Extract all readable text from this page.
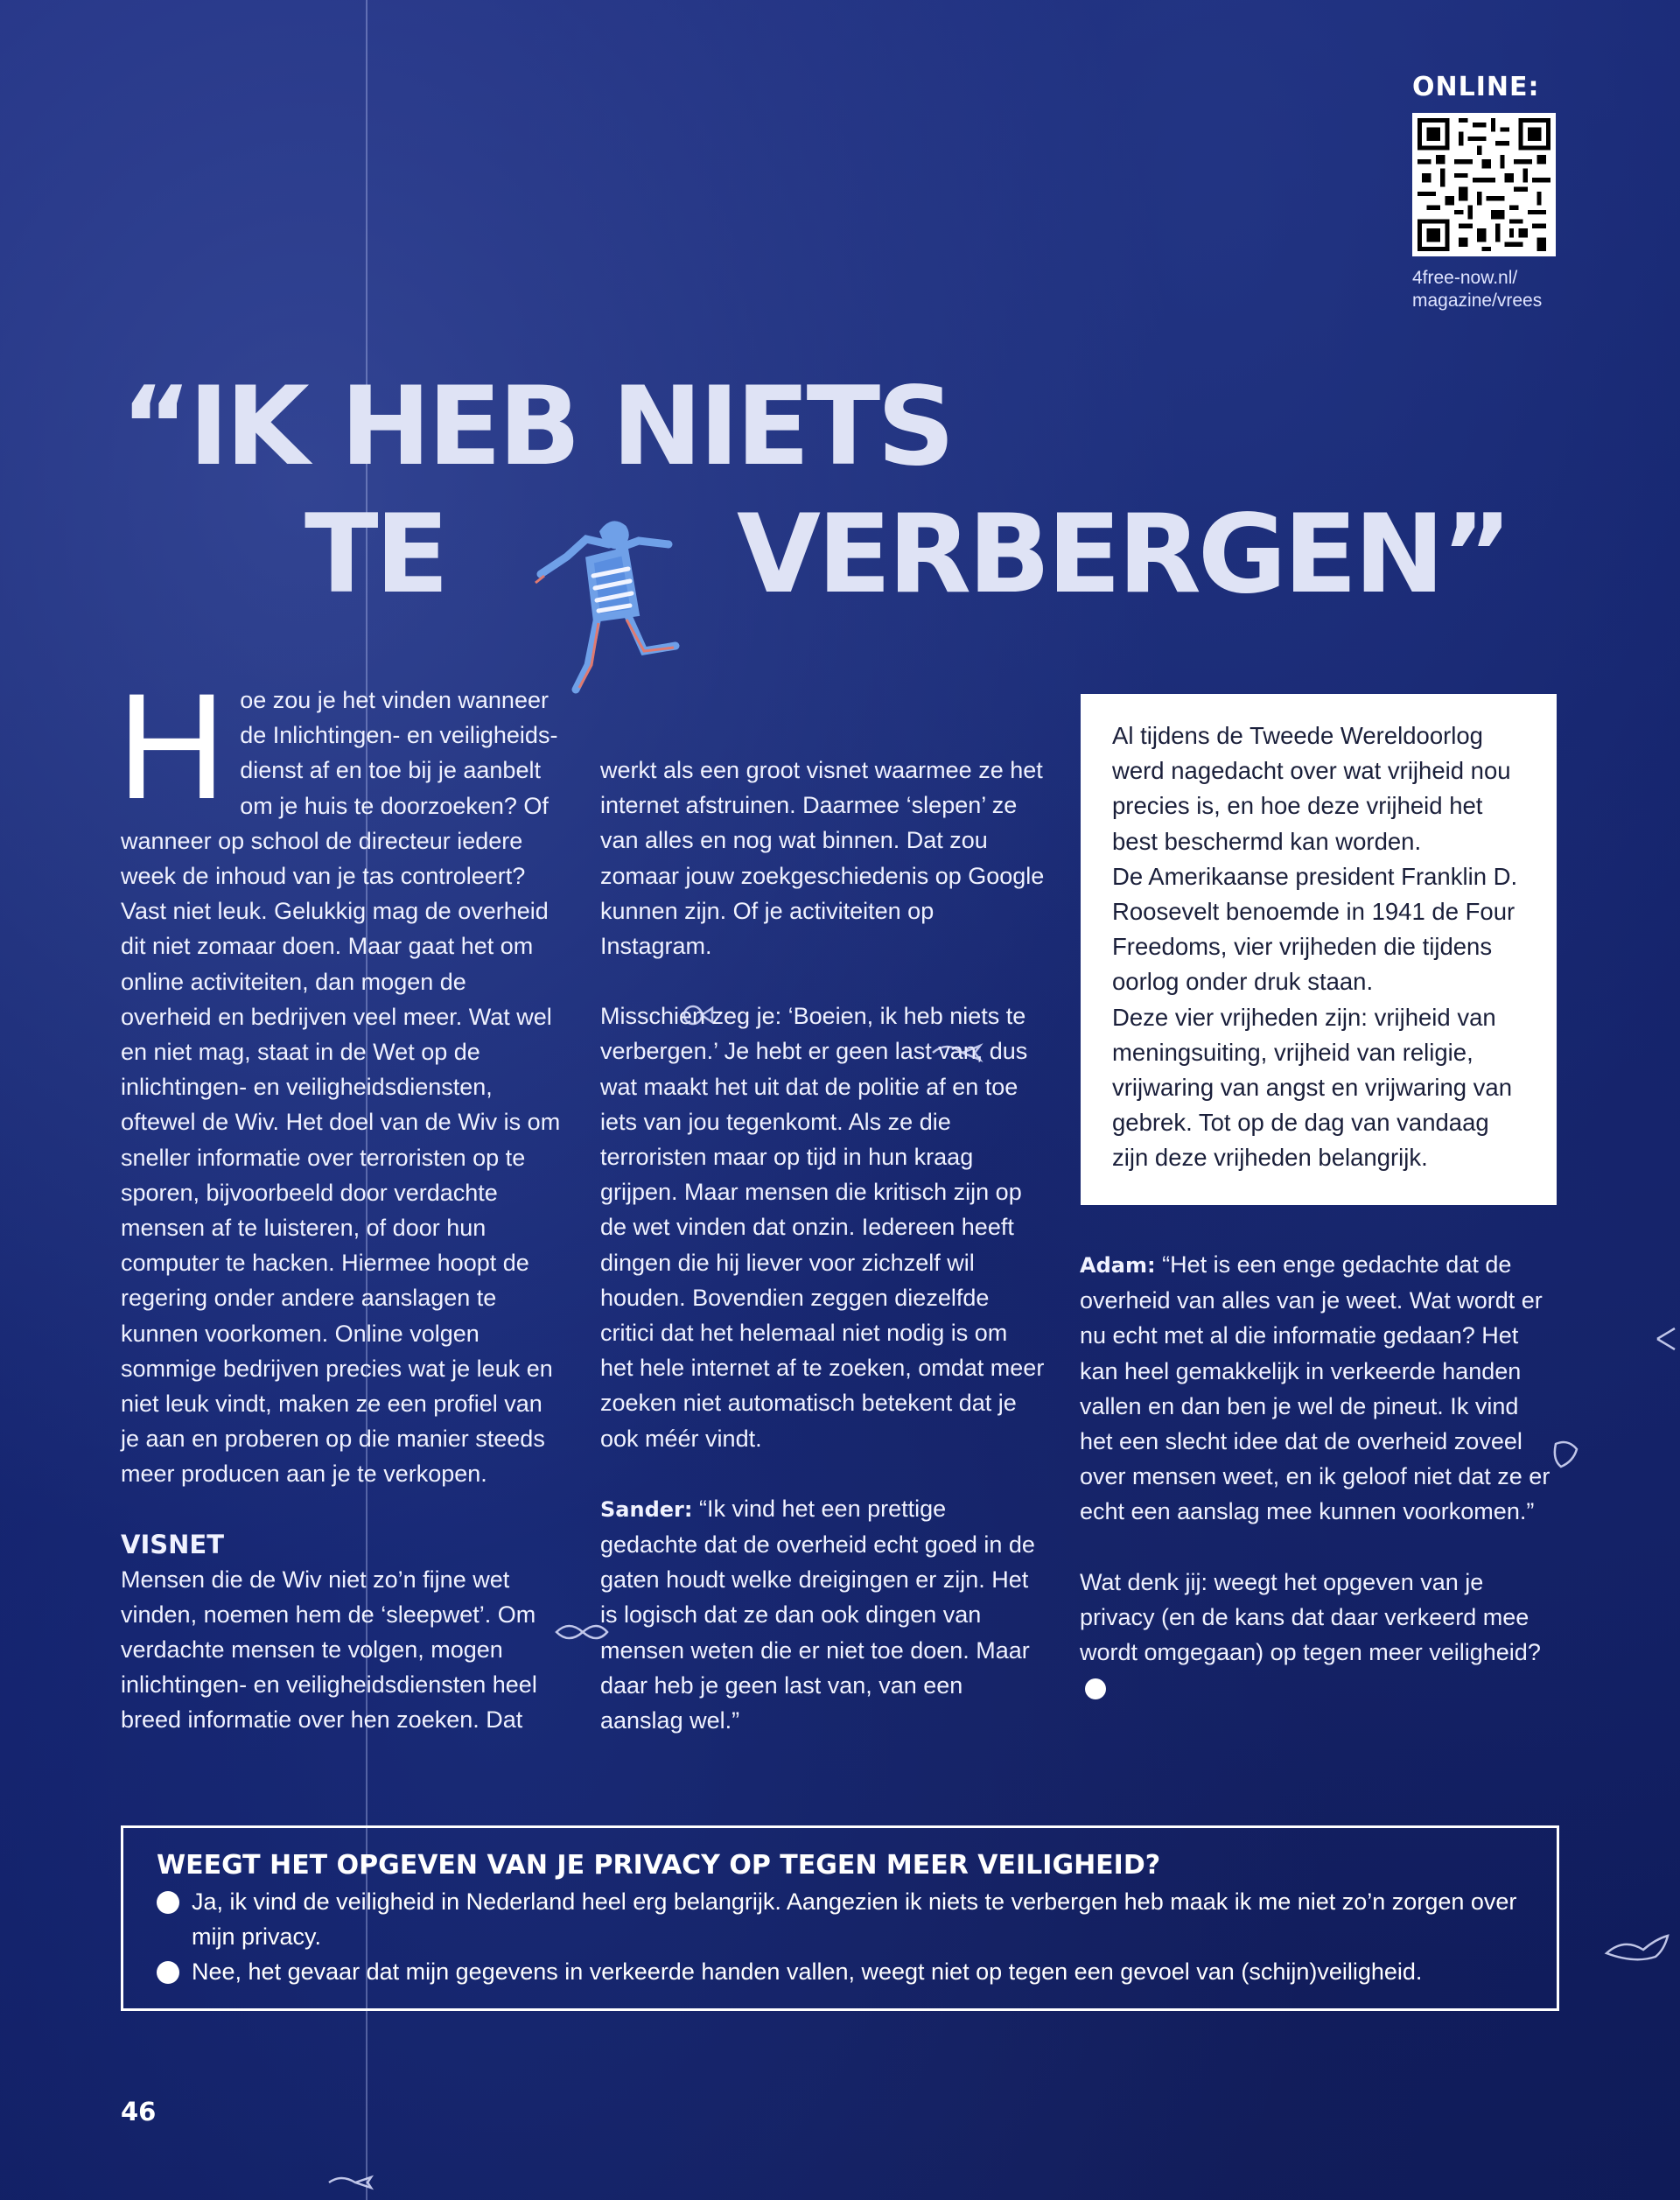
ONLINE:
4free-now.nl/
magazine/vrees
“IK HEB NIETS
TE	VERBERGEN”

Hoe zou je het vinden wanneer de Inlichtingen- en veiligheids-dienst af en toe bij je aanbelt om je huis te doorzoeken? Of wanneer op school de directeur iedere week de inhoud van je tas controleert? Vast niet leuk. Gelukkig mag de overheid dit niet zomaar doen. Maar gaat het om online activiteiten, dan mogen de overheid en bedrijven veel meer. Wat wel en niet mag, staat in de Wet op de inlichtingen- en veiligheidsdiensten, oftewel de Wiv. Het doel van de Wiv is om sneller informatie over terroristen op te sporen, bijvoorbeeld door verdachte mensen af te luisteren, of door hun computer te hacken. Hiermee hoopt de regering onder andere aanslagen te kunnen voorkomen. Online volgen sommige bedrijven precies wat je leuk en niet leuk vindt, maken ze een profiel van je aan en proberen op die manier steeds meer producen aan je te verkopen.

VISNET

Mensen die de Wiv niet zo’n fijne wet vinden, noemen hem de ‘sleepwet’. Om verdachte mensen te volgen, mogen inlichtingen- en veiligheidsdiensten heel breed informatie over hen zoeken. Dat

werkt als een groot visnet waarmee ze het internet afstruinen. Daarmee ‘slepen’ ze van alles en nog wat binnen. Dat zou zomaar jouw zoekgeschiedenis op Google kunnen zijn. Of je activiteiten op Instagram.

Misschien zeg je: ‘Boeien, ik heb niets te verbergen.’ Je hebt er geen last van, dus wat maakt het uit dat de politie af en toe iets van jou tegenkomt. Als ze die terroristen maar op tijd in hun kraag grijpen. Maar mensen die kritisch zijn op de wet vinden dat onzin. Iedereen heeft dingen die hij liever voor zichzelf wil houden. Bovendien zeggen diezelfde critici dat het helemaal niet nodig is om het hele internet af te zoeken, omdat meer zoeken niet automatisch betekent dat je ook méér vindt.

Sander: “Ik vind het een prettige gedachte dat de overheid echt goed in de gaten houdt welke dreigingen er zijn. Het is logisch dat ze dan ook dingen van mensen weten die er niet toe doen. Maar daar heb je geen last van, van een aanslag wel.”

Al tijdens de Tweede Wereldoorlog werd nagedacht over wat vrijheid nou precies is, en hoe deze vrijheid het best beschermd kan worden.
De Amerikaanse president Franklin D. Roosevelt benoemde in 1941 de Four Freedoms, vier vrijheden die tijdens oorlog onder druk staan.
Deze vier vrijheden zijn: vrijheid van meningsuiting, vrijheid van religie, vrijwaring van angst en vrijwaring van gebrek. Tot op de dag van vandaag zijn deze vrijheden belangrijk.

Adam: “Het is een enge gedachte dat de overheid van alles van je weet. Wat wordt er nu echt met al die informatie gedaan? Het kan heel gemakkelijk in verkeerde handen vallen en dan ben je wel de pineut. Ik vind het een slecht idee dat de overheid zoveel over mensen weet, en ik geloof niet dat ze er echt een aanslag mee kunnen voorkomen.”

Wat denk jij: weegt het opgeven van je privacy (en de kans dat daar verkeerd mee wordt omgegaan) op tegen meer veiligheid?

WEEGT HET OPGEVEN VAN JE PRIVACY OP TEGEN MEER VEILIGHEID?
Ja, ik vind de veiligheid in Nederland heel erg belangrijk. Aangezien ik niets te verbergen heb maak ik me niet zo’n zorgen over mijn privacy.
Nee, het gevaar dat mijn gegevens in verkeerde handen vallen, weegt niet op tegen een gevoel van (schijn)veiligheid.
46
